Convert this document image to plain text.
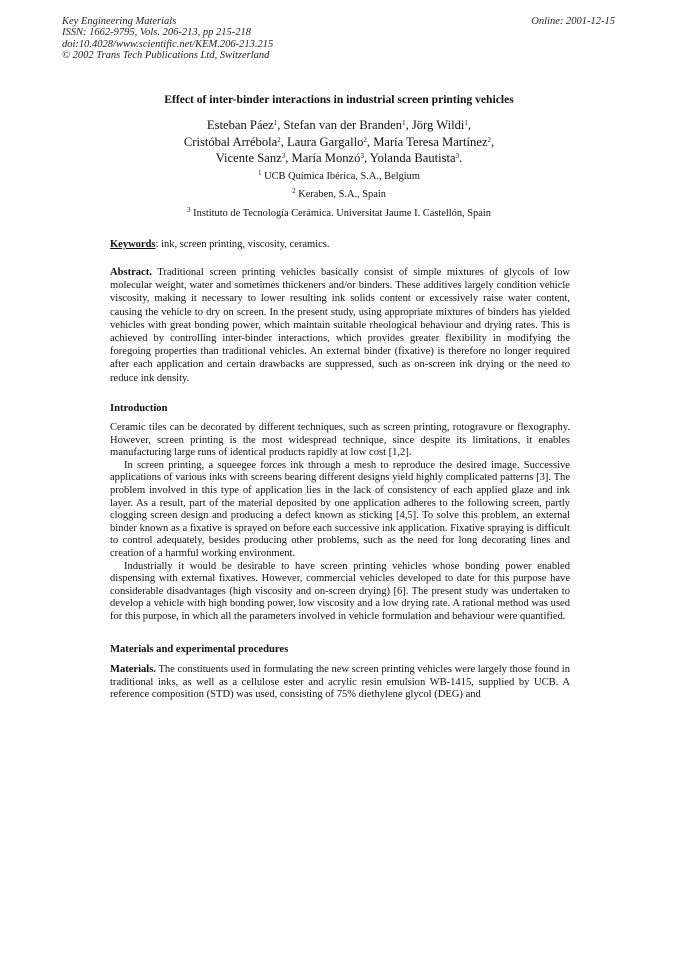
Key Engineering Materials
ISSN: 1662-9795, Vols. 206-213, pp 215-218
doi:10.4028/www.scientific.net/KEM.206-213.215
© 2002 Trans Tech Publications Ltd, Switzerland
Online: 2001-12-15
Effect of inter-binder interactions in industrial screen printing vehicles
Esteban Páez$^1$, Stefan van der Branden$^1$, Jörg Wildi$^1$,
Cristóbal Arrébola$^2$, Laura Gargallo$^2$, María Teresa Martínez$^2$,
Vicente Sanz$^3$, María Monzó$^3$, Yolanda Bautista$^3$.
$^1$ UCB Química Ibérica, S.A., Belgium
$^2$ Keraben, S.A., Spain
$^3$ Instituto de Tecnología Cerámica. Universitat Jaume I. Castellón, Spain
Keywords: ink, screen printing, viscosity, ceramics.
Abstract. Traditional screen printing vehicles basically consist of simple mixtures of glycols of low molecular weight, water and sometimes thickeners and/or binders. These additives largely condition vehicle viscosity, making it necessary to lower resulting ink solids content or excessively raise water content, causing the vehicle to dry on screen. In the present study, using appropriate mixtures of binders has yielded vehicles with great bonding power, which maintain suitable rheological behaviour and drying rates. This is achieved by controlling inter-binder interactions, which provides greater flexibility in modifying the foregoing properties than traditional vehicles. An external binder (fixative) is therefore no longer required after each application and certain drawbacks are suppressed, such as on-screen ink drying or the need to reduce ink density.
Introduction

Ceramic tiles can be decorated by different techniques, such as screen printing, rotogravure or flexography. However, screen printing is the most widespread technique, since despite its limitations, it enables manufacturing large runs of identical products rapidly at low cost [1,2].

In screen printing, a squeegee forces ink through a mesh to reproduce the desired image. Successive applications of various inks with screens bearing different designs yield highly complicated patterns [3]. The problem involved in this type of application lies in the lack of consistency of each applied glaze and ink layer. As a result, part of the material deposited by one application adheres to the following screen, partly clogging screen design and producing a defect known as sticking [4,5]. To solve this problem, an external binder known as a fixative is sprayed on before each successive ink application. Fixative spraying is difficult to control adequately, besides producing other problems, such as the need for long decorating lines and creation of a harmful working environment.

Industrially it would be desirable to have screen printing vehicles whose bonding power enabled dispensing with external fixatives. However, commercial vehicles developed to date for this purpose have considerable disadvantages (high viscosity and on-screen drying) [6]. The present study was undertaken to develop a vehicle with high bonding power, low viscosity and a low drying rate. A rational method was used for this purpose, in which all the parameters involved in vehicle formulation and behaviour were quantified.

Materials and experimental procedures

Materials. The constituents used in formulating the new screen printing vehicles were largely those found in traditional inks, as well as a cellulose ester and acrylic resin emulsion WB-1415, supplied by UCB. A reference composition (STD) was used, consisting of 75% diethylene glycol (DEG) and
